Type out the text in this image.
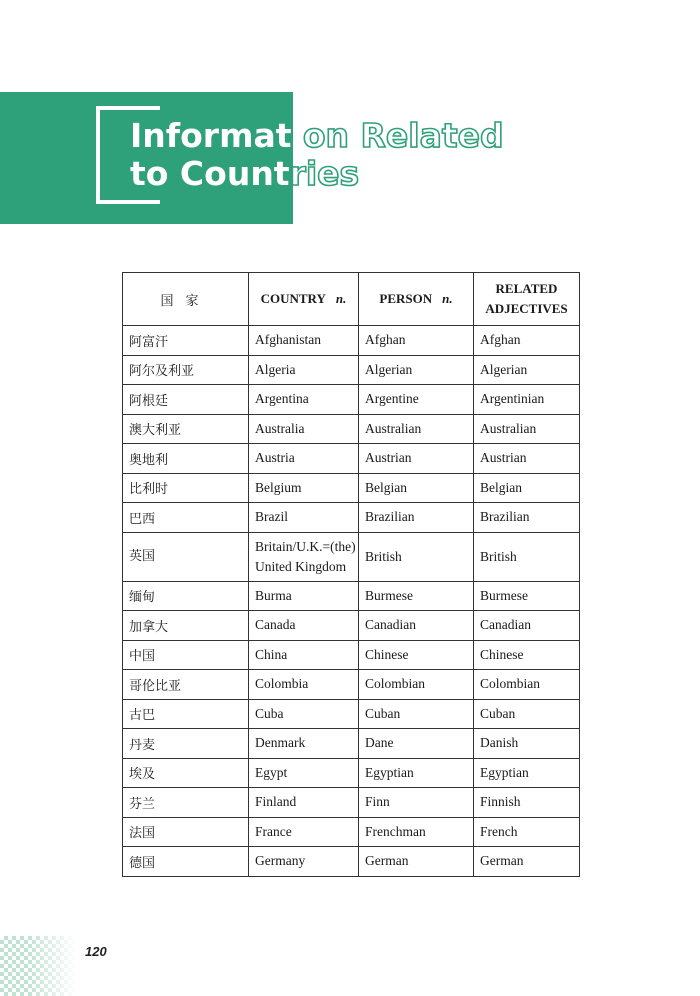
Information Related
to Countries
国家	COUNTRY n.	PERSON n.	RELATED ADJECTIVES
阿富汗	Afghanistan	Afghan	Afghan
阿尔及利亚	Algeria	Algerian	Algerian
阿根廷	Argentina	Argentine	Argentinian
澳大利亚	Australia	Australian	Australian
奥地利	Austria	Austrian	Austrian
比利时	Belgium	Belgian	Belgian
巴西	Brazil	Brazilian	Brazilian
英国	Britain/U.K.=(the) United Kingdom	British	British
缅甸	Burma	Burmese	Burmese
加拿大	Canada	Canadian	Canadian
中国	China	Chinese	Chinese
哥伦比亚	Colombia	Colombian	Colombian
古巴	Cuba	Cuban	Cuban
丹麦	Denmark	Dane	Danish
埃及	Egypt	Egyptian	Egyptian
芬兰	Finland	Finn	Finnish
法国	France	Frenchman	French
德国	Germany	German	German
120
